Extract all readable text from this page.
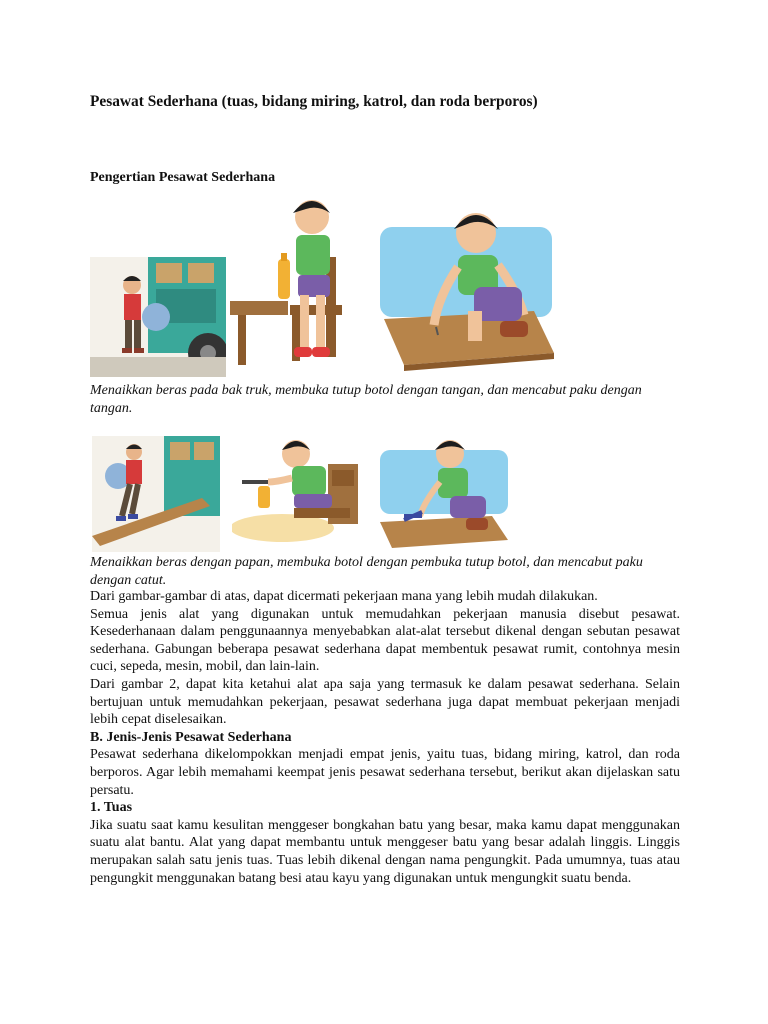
Pesawat Sederhana (tuas, bidang miring, katrol, dan roda berporos)
Pengertian Pesawat Sederhana
Menaikkan beras pada bak truk, membuka tutup botol dengan tangan, dan mencabut paku dengan tangan.
Menaikkan beras dengan papan, membuka botol dengan pembuka tutup botol, dan mencabut paku dengan catut.

Dari gambar-gambar di atas, dapat dicermati pekerjaan mana yang lebih mudah dilakukan.

Semua jenis alat yang digunakan untuk memudahkan pekerjaan manusia disebut pesawat. Kesederhanaan dalam penggunaannya menyebabkan alat-alat tersebut dikenal dengan sebutan pesawat sederhana. Gabungan beberapa pesawat sederhana dapat membentuk pesawat rumit, contohnya mesin cuci, sepeda, mesin, mobil, dan lain-lain.

Dari gambar 2, dapat kita ketahui alat apa saja yang termasuk ke dalam pesawat sederhana. Selain bertujuan untuk memudahkan pekerjaan, pesawat sederhana juga dapat membuat pekerjaan menjadi lebih cepat diselesaikan.

B. Jenis-Jenis Pesawat Sederhana

Pesawat sederhana dikelompokkan menjadi empat jenis, yaitu tuas, bidang miring, katrol, dan roda berporos. Agar lebih memahami keempat jenis pesawat sederhana tersebut, berikut akan dijelaskan satu persatu.

1. Tuas

Jika suatu saat kamu kesulitan menggeser bongkahan batu yang besar, maka kamu dapat menggunakan suatu alat bantu. Alat yang dapat membantu untuk menggeser batu yang besar adalah linggis. Linggis merupakan salah satu jenis tuas. Tuas lebih dikenal dengan nama pengungkit. Pada umumnya, tuas atau pengungkit menggunakan batang besi atau kayu yang digunakan untuk mengungkit suatu benda.
